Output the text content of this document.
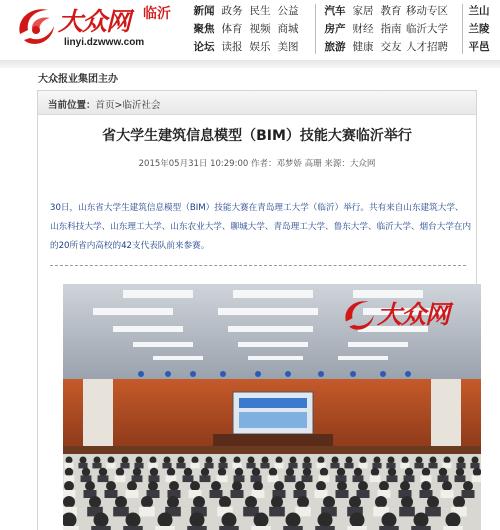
大众网 临沂
linyi.dzwww.com
新闻 政务 民生 公益
聚焦 体育 视频 商城
论坛 读报 娱乐 美图
汽车 家居 教育 移动专区
房产 财经 指南 临沂大学
旅游 健康 交友 人才招聘
兰山
兰陵
平邑
大众报业集团主办
当前位置：首页>临沂社会
省大学生建筑信息模型（BIM）技能大赛临沂举行
2015年05月31日 10:29:00 作者：邓梦娇 高珊 来源：大众网
30日，山东省大学生建筑信息模型（BIM）技能大赛在青岛理工大学（临沂）举行。共有来自山东建筑大学、山东科技大学、山东理工大学、山东农业大学、聊城大学、青岛理工大学、鲁东大学、临沂大学、烟台大学在内的20所省内高校的42支代表队前来参赛。
大众网
